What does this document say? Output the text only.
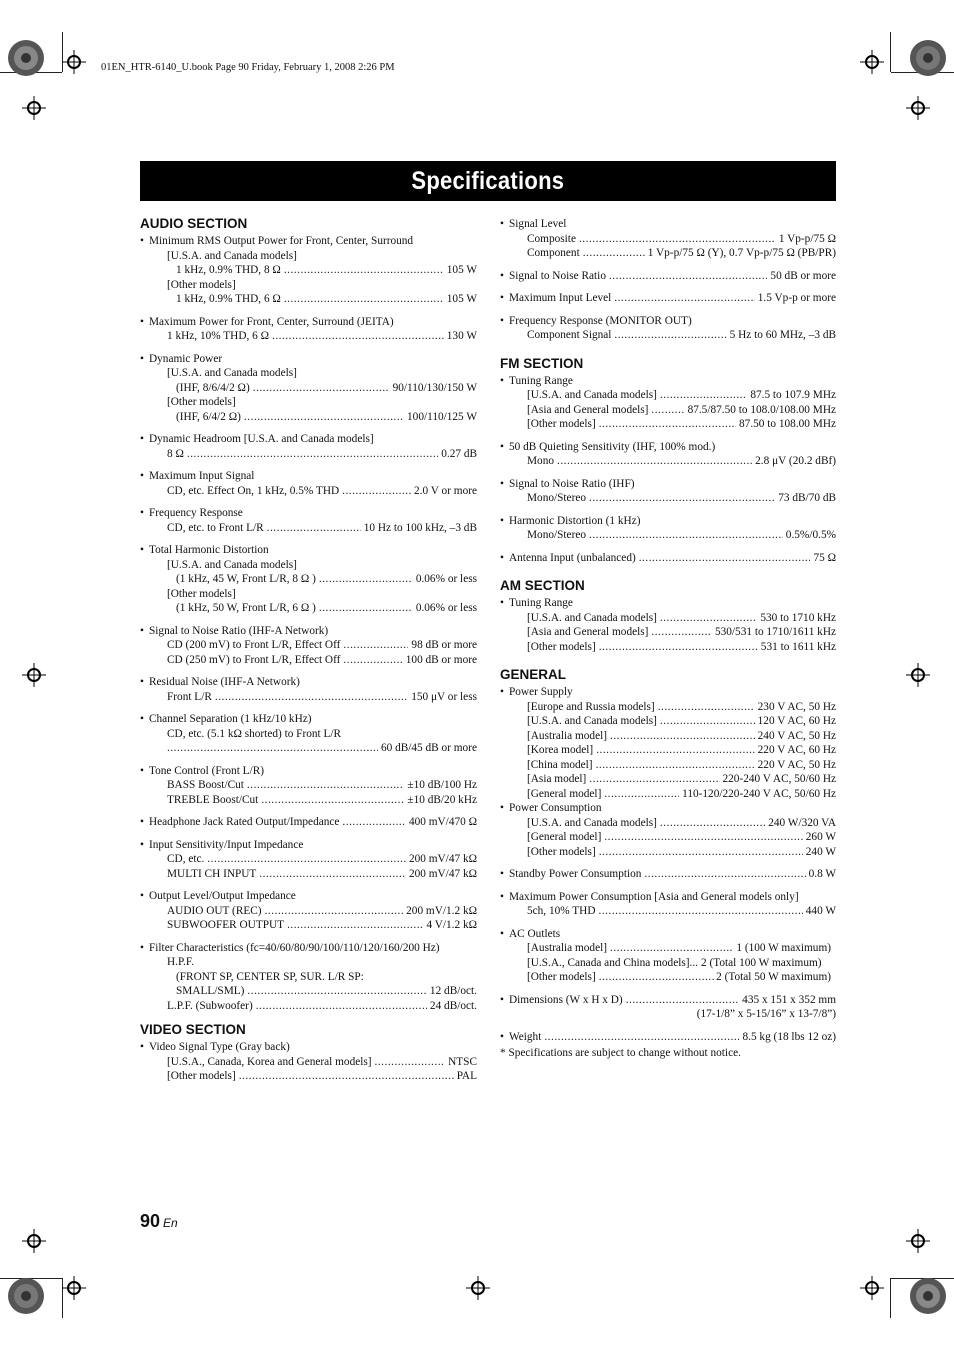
01EN_HTR-6140_U.book Page 90 Friday, February 1, 2008 2:26 PM
Specifications
AUDIO SECTION
• Minimum RMS Output Power for Front, Center, Surround
[U.S.A. and Canada models]
1 kHz, 0.9% THD, 8 Ω .....	105 W
[Other models]
1 kHz, 0.9% THD, 6 Ω .....	105 W
• Maximum Power for Front, Center, Surround (JEITA)
1 kHz, 10% THD, 6 Ω .....	130 W
• Dynamic Power
[U.S.A. and Canada models]
(IHF, 8/6/4/2 Ω) .....	90/110/130/150 W
[Other models]
(IHF, 6/4/2 Ω) .....	100/110/125 W
• Dynamic Headroom [U.S.A. and Canada models]
8 Ω .....	0.27 dB
• Maximum Input Signal
CD, etc. Effect On, 1 kHz, 0.5% THD .....	2.0 V or more
• Frequency Response
CD, etc. to Front L/R .....	10 Hz to 100 kHz, –3 dB
• Total Harmonic Distortion
[U.S.A. and Canada models]
(1 kHz, 45 W, Front L/R, 8 Ω ) .....	0.06% or less
[Other models]
(1 kHz, 50 W, Front L/R, 6 Ω ) .....	0.06% or less
• Signal to Noise Ratio (IHF-A Network)
CD (200 mV) to Front L/R, Effect Off .....	98 dB or more
CD (250 mV) to Front L/R, Effect Off .....	100 dB or more
• Residual Noise (IHF-A Network)
Front L/R .....	150 μV or less
• Channel Separation (1 kHz/10 kHz)
CD, etc. (5.1 kΩ shorted) to Front L/R
.....
60 dB/45 dB or more
• Tone Control (Front L/R)
BASS Boost/Cut .....	±10 dB/100 Hz
TREBLE Boost/Cut .....	±10 dB/20 kHz
• Headphone Jack Rated Output/Impedance .....	400 mV/470 Ω
• Input Sensitivity/Input Impedance
CD, etc. .....	200 mV/47 kΩ
MULTI CH INPUT .....	200 mV/47 kΩ
• Output Level/Output Impedance
AUDIO OUT (REC) .....	200 mV/1.2 kΩ
SUBWOOFER OUTPUT .....	4 V/1.2 kΩ
• Filter Characteristics (fc=40/60/80/90/100/110/120/160/200 Hz)
H.P.F.
(FRONT SP, CENTER SP, SUR. L/R SP:
SMALL/SML) .....	12 dB/oct.
L.P.F. (Subwoofer) .....	24 dB/oct.
VIDEO SECTION
• Video Signal Type (Gray back)
[U.S.A., Canada, Korea and General models] .....	NTSC
[Other models] .....	PAL
• Signal Level
Composite .....	1 Vp-p/75 Ω
Component .....	1 Vp-p/75 Ω (Y), 0.7 Vp-p/75 Ω (PB/PR)
• Signal to Noise Ratio .....	50 dB or more
• Maximum Input Level .....	1.5 Vp-p or more
• Frequency Response (MONITOR OUT)
Component Signal .....	5 Hz to 60 MHz, –3 dB
FM SECTION
• Tuning Range
[U.S.A. and Canada models] .....	87.5 to 107.9 MHz
[Asia and General models] .....	87.5/87.50 to 108.0/108.00 MHz
[Other models] .....	87.50 to 108.00 MHz
• 50 dB Quieting Sensitivity (IHF, 100% mod.)
Mono .....	2.8 μV (20.2 dBf)
• Signal to Noise Ratio (IHF)
Mono/Stereo .....	73 dB/70 dB
• Harmonic Distortion (1 kHz)
Mono/Stereo .....	0.5%/0.5%
• Antenna Input (unbalanced) .....	75 Ω
AM SECTION
• Tuning Range
[U.S.A. and Canada models] .....	530 to 1710 kHz
[Asia and General models] .....	530/531 to 1710/1611 kHz
[Other models] .....	531 to 1611 kHz
GENERAL
• Power Supply
[Europe and Russia models] .....	230 V AC, 50 Hz
[U.S.A. and Canada models] .....	120 V AC, 60 Hz
[Australia model] .....	240 V AC, 50 Hz
[Korea model] .....	220 V AC, 60 Hz
[China model] .....	220 V AC, 50 Hz
[Asia model] .....	220-240 V AC, 50/60 Hz
[General model] .....	110-120/220-240 V AC, 50/60 Hz
• Power Consumption
[U.S.A. and Canada models] .....	240 W/320 VA
[General model] .....	260 W
[Other models] .....	240 W
• Standby Power Consumption .....	0.8 W
• Maximum Power Consumption [Asia and General models only]
5ch, 10% THD .....	440 W
• AC Outlets
[Australia model] .....	1 (100 W maximum)
[U.S.A., Canada and China models]... 2 (Total 100 W maximum)
[Other models] .....	2 (Total 50 W maximum)
• Dimensions (W x H x D) .....	435 x 151 x 352 mm
(17-1/8” x 5-15/16” x 13-7/8”)
• Weight .....	8.5 kg (18 lbs 12 oz)
* Specifications are subject to change without notice.
90 En
